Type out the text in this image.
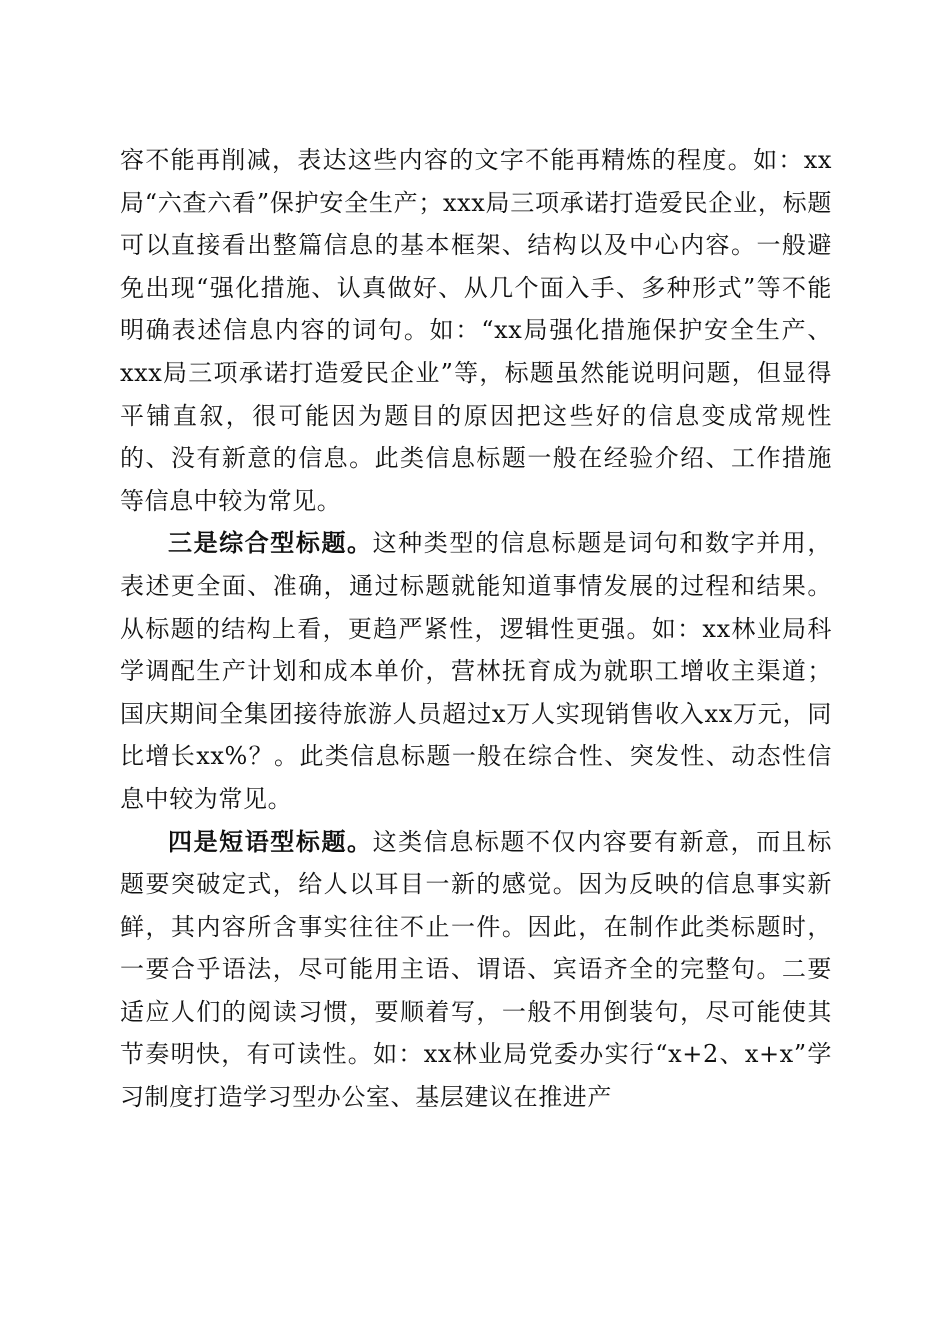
容不能再削减，表达这些内容的文字不能再精炼的程度。如：xx局“六查六看”保护安全生产；xxx局三项承诺打造爱民企业，标题可以直接看出整篇信息的基本框架、结构以及中心内容。一般避免出现“强化措施、认真做好、从几个面入手、多种形式”等不能明确表述信息内容的词句。如：“xx局强化措施保护安全生产、xxx局三项承诺打造爱民企业”等，标题虽然能说明问题，但显得平铺直叙，很可能因为题目的原因把这些好的信息变成常规性的、没有新意的信息。此类信息标题一般在经验介绍、工作措施等信息中较为常见。

三是综合型标题。这种类型的信息标题是词句和数字并用，表述更全面、准确，通过标题就能知道事情发展的过程和结果。从标题的结构上看，更趋严紧性，逻辑性更强。如：xx林业局科学调配生产计划和成本单价，营林抚育成为就职工增收主渠道；国庆期间全集团接待旅游人员超过x万人实现销售收入xx万元，同比增长xx%？。此类信息标题一般在综合性、突发性、动态性信息中较为常见。

四是短语型标题。这类信息标题不仅内容要有新意，而且标题要突破定式，给人以耳目一新的感觉。因为反映的信息事实新鲜，其内容所含事实往往不止一件。因此，在制作此类标题时，一要合乎语法，尽可能用主语、谓语、宾语齐全的完整句。二要适应人们的阅读习惯，要顺着写，一般不用倒装句，尽可能使其节奏明快，有可读性。如：xx林业局党委办实行“x+2、x+x”学习制度打造学习型办公室、基层建议在推进产
